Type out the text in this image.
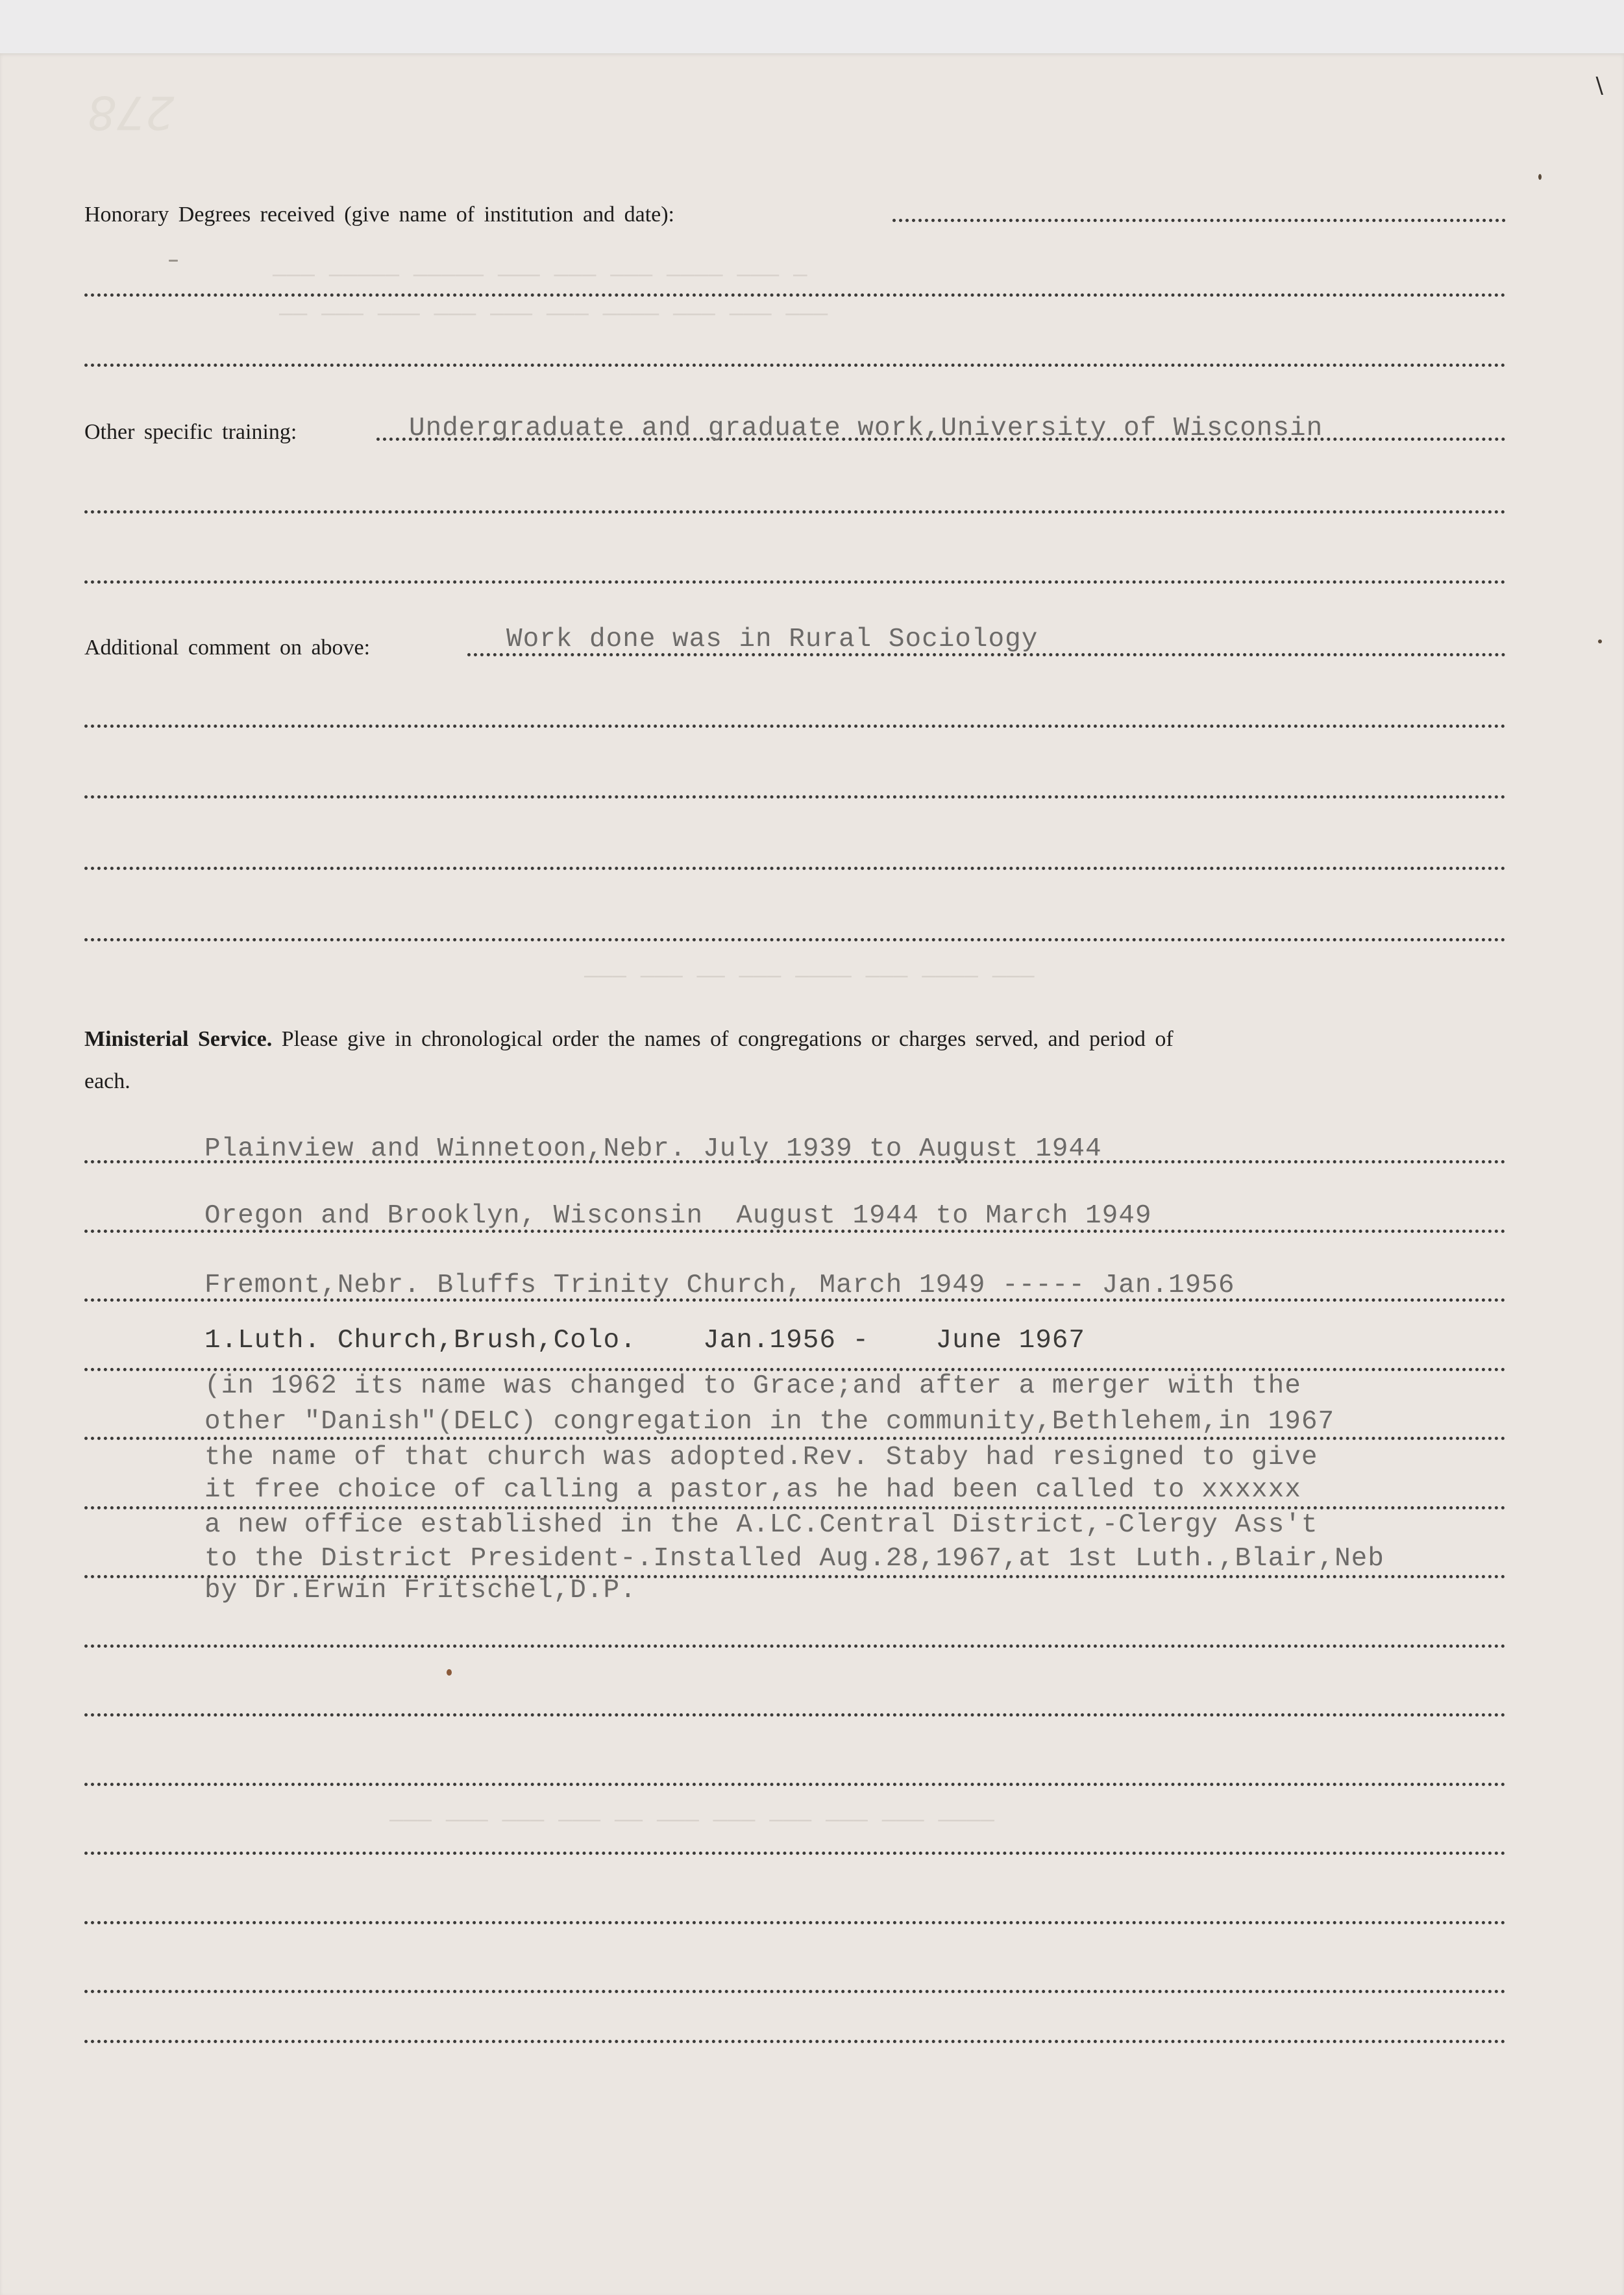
278	\
— ——— ———— ——— ——— ——— ————— ————— ———
——— ——— ——— ———— ——— ——— ——— ——— ——— ——
——— ———— ——— ———— ——— —— ——— ———
———— ——— ——— ——— ——— ——— —— ——— ——— ——— ———
Honorary Degrees received (give name of institution and date):
Other specific training:	Undergraduate and graduate work,University of Wisconsin
Additional comment on above:	Work done was in Rural Sociology
Ministerial Service. Please give in chronological order the names of congregations or charges served, and period of
each.
Plainview and Winnetoon,Nebr. July 1939 to August 1944
Oregon and Brooklyn, Wisconsin  August 1944 to March 1949
Fremont,Nebr. Bluffs Trinity Church, March 1949 ----- Jan.1956
1.Luth. Church,Brush,Colo.    Jan.1956 -    June 1967
(in 1962 its name was changed to Grace;and after a merger with the
other "Danish"(DELC) congregation in the community,Bethlehem,in 1967
the name of that church was adopted.Rev. Staby had resigned to give
it free choice of calling a pastor,as he had been called to xxxxxx
a new office established in the A.LC.Central District,-Clergy Ass't
to the District President-.Installed Aug.28,1967,at 1st Luth.,Blair,Neb
by Dr.Erwin Fritschel,D.P.
